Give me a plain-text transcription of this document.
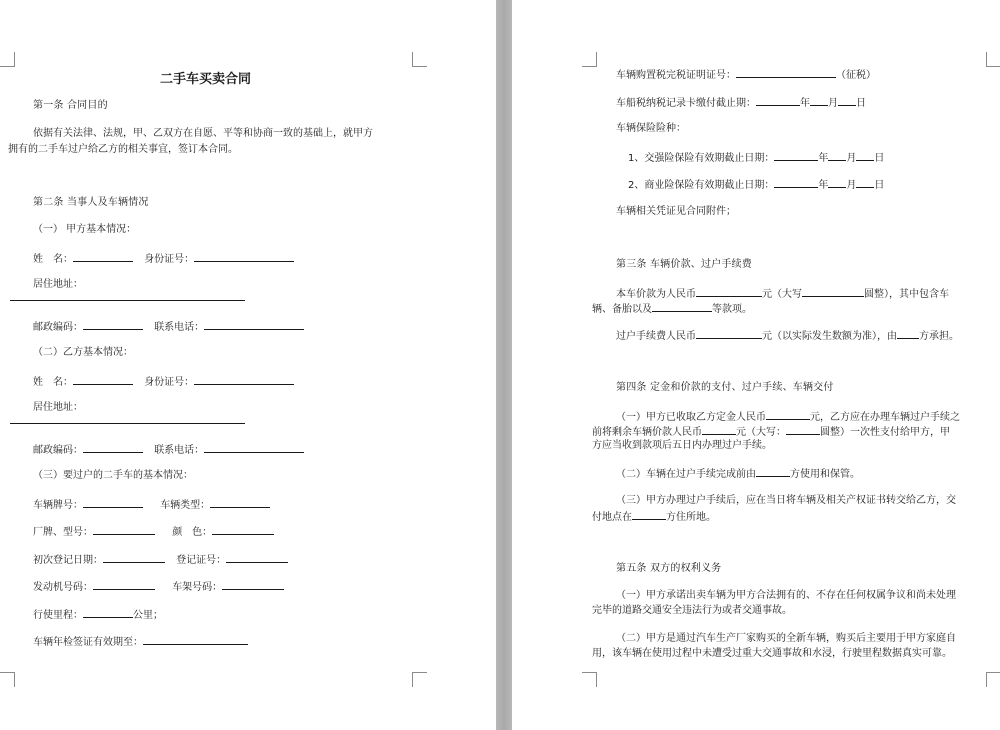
二手车买卖合同
第一条 合同目的
依据有关法律、法规，甲、乙双方在自愿、平等和协商一致的基础上，就甲方
拥有的二手车过户给乙方的相关事宜，签订本合同。
第二条 当事人及车辆情况
（一） 甲方基本情况：
姓　名：	身份证号：
居住地址：
邮政编码：	联系电话：
（二）乙方基本情况：
姓　名：	身份证号：
居住地址：
邮政编码：	联系电话：
（三）要过户的二手车的基本情况：
车辆牌号：	车辆类型：
厂牌、型号：	颜　色：
初次登记日期：	登记证号：
发动机号码：	车架号码：
行使里程：	公里；
车辆年检签证有效期至：
车辆购置税完税证明证号：	（征税）
车船税纳税记录卡缴付截止期：	年 月 日
车辆保险险种：
1、交强险保险有效期截止日期：	年 月 日
2、商业险保险有效期截止日期：	年 月 日
车辆相关凭证见合同附件；
第三条 车辆价款、过户手续费
本车价款为人民币	元（大写	圆整），其中包含车
辆、备胎以及	等款项。
过户手续费人民币	元（以实际发生数额为准），由 方承担。
第四条 定金和价款的支付、过户手续、车辆交付
（一）甲方已收取乙方定金人民币	元，乙方应在办理车辆过户手续之
前将剩余车辆价款人民币	元（大写：	圆整）一次性支付给甲方，甲
方应当收到款项后五日内办理过户手续。
（二）车辆在过户手续完成前由	方使用和保管。
（三）甲方办理过户手续后，应在当日将车辆及相关产权证书转交给乙方，交
付地点在	方住所地。
第五条 双方的权利义务
（一）甲方承诺出卖车辆为甲方合法拥有的、不存在任何权属争议和尚未处理
完毕的道路交通安全违法行为或者交通事故。
（二）甲方是通过汽车生产厂家购买的全新车辆，购买后主要用于甲方家庭自
用，该车辆在使用过程中未遭受过重大交通事故和水浸，行驶里程数据真实可靠。
